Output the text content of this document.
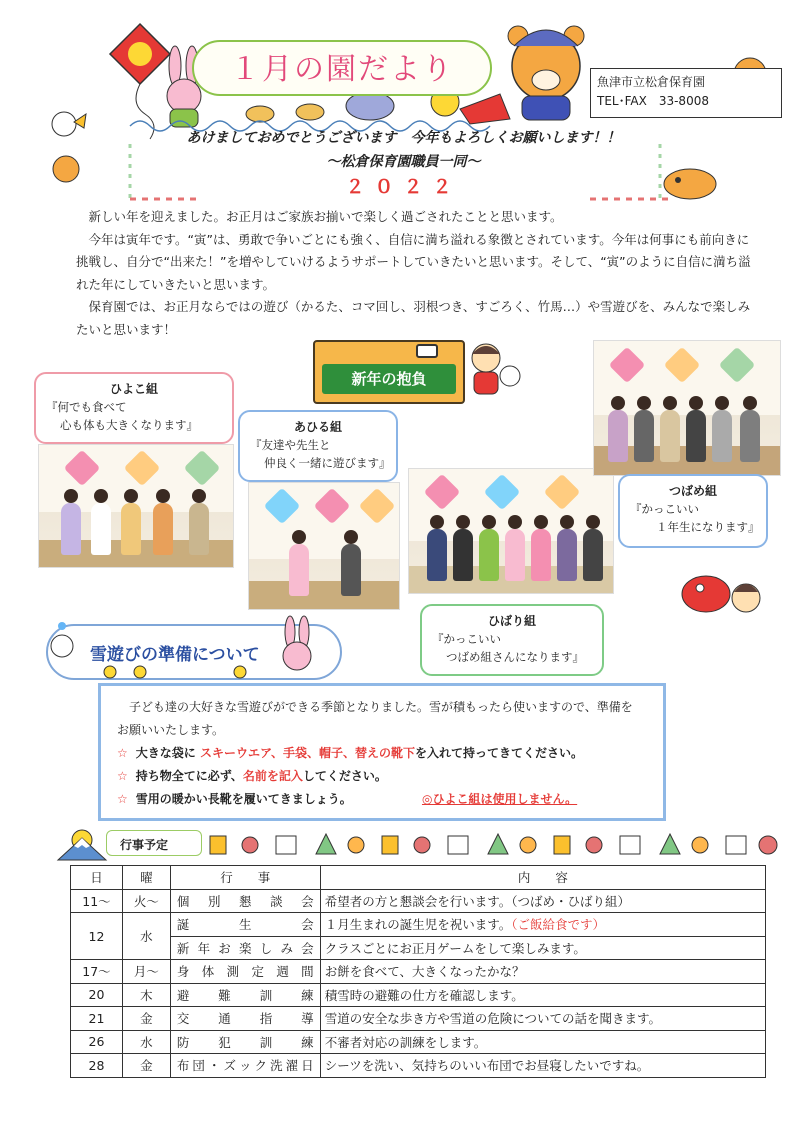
１月の園だより	魚津市立松倉保育園
TEL･FAX　33-8008
あけましておめでとうございます　今年もよろしくお願いします！！
～松倉保育園職員一同～
２０２２

新しい年を迎えました。お正月はご家族お揃いで楽しく過ごされたことと思います。

今年は寅年です。“寅”は、勇敢で争いごとにも強く、自信に満ち溢れる象徴とされています。今年は何事にも前向きに挑戦し、自分で“出来た！”を増やしていけるようサポートしていきたいと思います。そして、“寅”のように自信に満ち溢れた年にしていきたいと思います。

保育園では、お正月ならではの遊び（かるた、コマ回し、羽根つき、すごろく、竹馬…）や雪遊びを、みんなで楽しみたいと思います！

新年の抱負
ひよこ組
『何でも食べて
心も体も大きくなります』	あひる組
『友達や先生と
仲良く一緒に遊びます』
つばめ組
『かっこいい
１年生になります』
ひばり組
『かっこいい
つばめ組さんになります』
雪遊びの準備について
子ども達の大好きな雪遊びができる季節となりました。雪が積もったら使いますので、準備を
お願いいたします。
☆ 大きな袋に スキーウエア、手袋、帽子、替えの靴下を入れて持ってきてください。
☆ 持ち物全てに必ず、名前を記入してください。
☆ 雪用の暖かい長靴を履いてきましょう。	◎ひよこ組は使用しません。
行事予定
日	曜	行　　事	内　　容
11～	火～	個別懇談会	希望者の方と懇談会を行います。（つばめ・ひばり組）
12	水	誕生会	１月生まれの誕生児を祝います。（ご飯給食です）
		新年お楽しみ会	クラスごとにお正月ゲームをして楽しみます。
17～	月～	身体測定週間	お餅を食べて、大きくなったかな？
20	木	避難訓練	積雪時の避難の仕方を確認します。
21	金	交通指導	雪道の安全な歩き方や雪道の危険についての話を聞きます。
26	水	防犯訓練	不審者対応の訓練をします。
28	金	布団・ズック洗濯日	シーツを洗い、気持ちのいい布団でお昼寝したいですね。
